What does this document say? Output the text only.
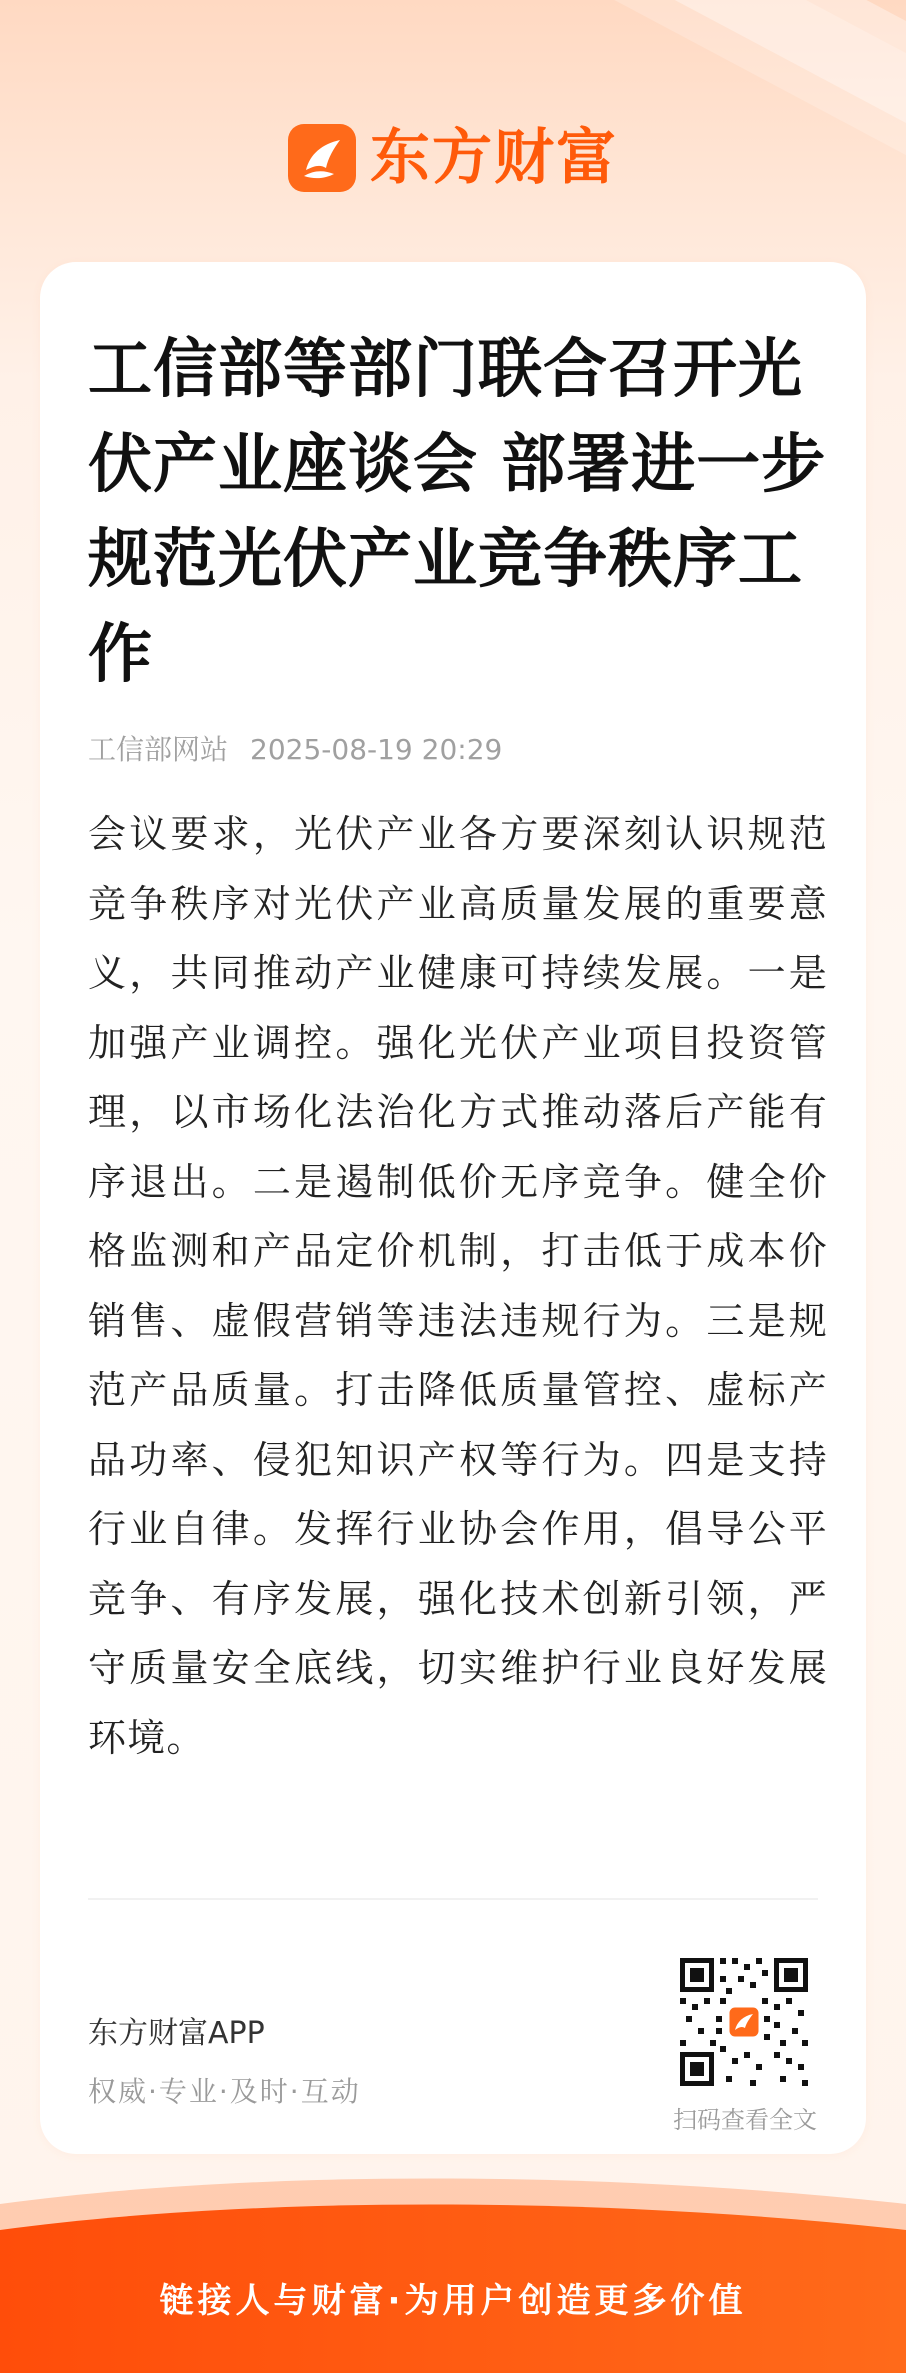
东方财富
工信部等部门联合召开光伏产业座谈会 部署进一步规范光伏产业竞争秩序工作
工信部网站 2025-08-19 20:29

会议要求，光伏产业各方要深刻认识规范竞争秩序对光伏产业高质量发展的重要意义，共同推动产业健康可持续发展。一是加强产业调控。强化光伏产业项目投资管理，以市场化法治化方式推动落后产能有序退出。二是遏制低价无序竞争。健全价格监测和产品定价机制，打击低于成本价销售、虚假营销等违法违规行为。三是规范产品质量。打击降低质量管控、虚标产品功率、侵犯知识产权等行为。四是支持行业自律。发挥行业协会作用，倡导公平竞争、有序发展，强化技术创新引领，严守质量安全底线，切实维护行业良好发展环境。

东方财富APP
权威·专业·及时·互动
扫码查看全文
链接人与财富·为用户创造更多价值
